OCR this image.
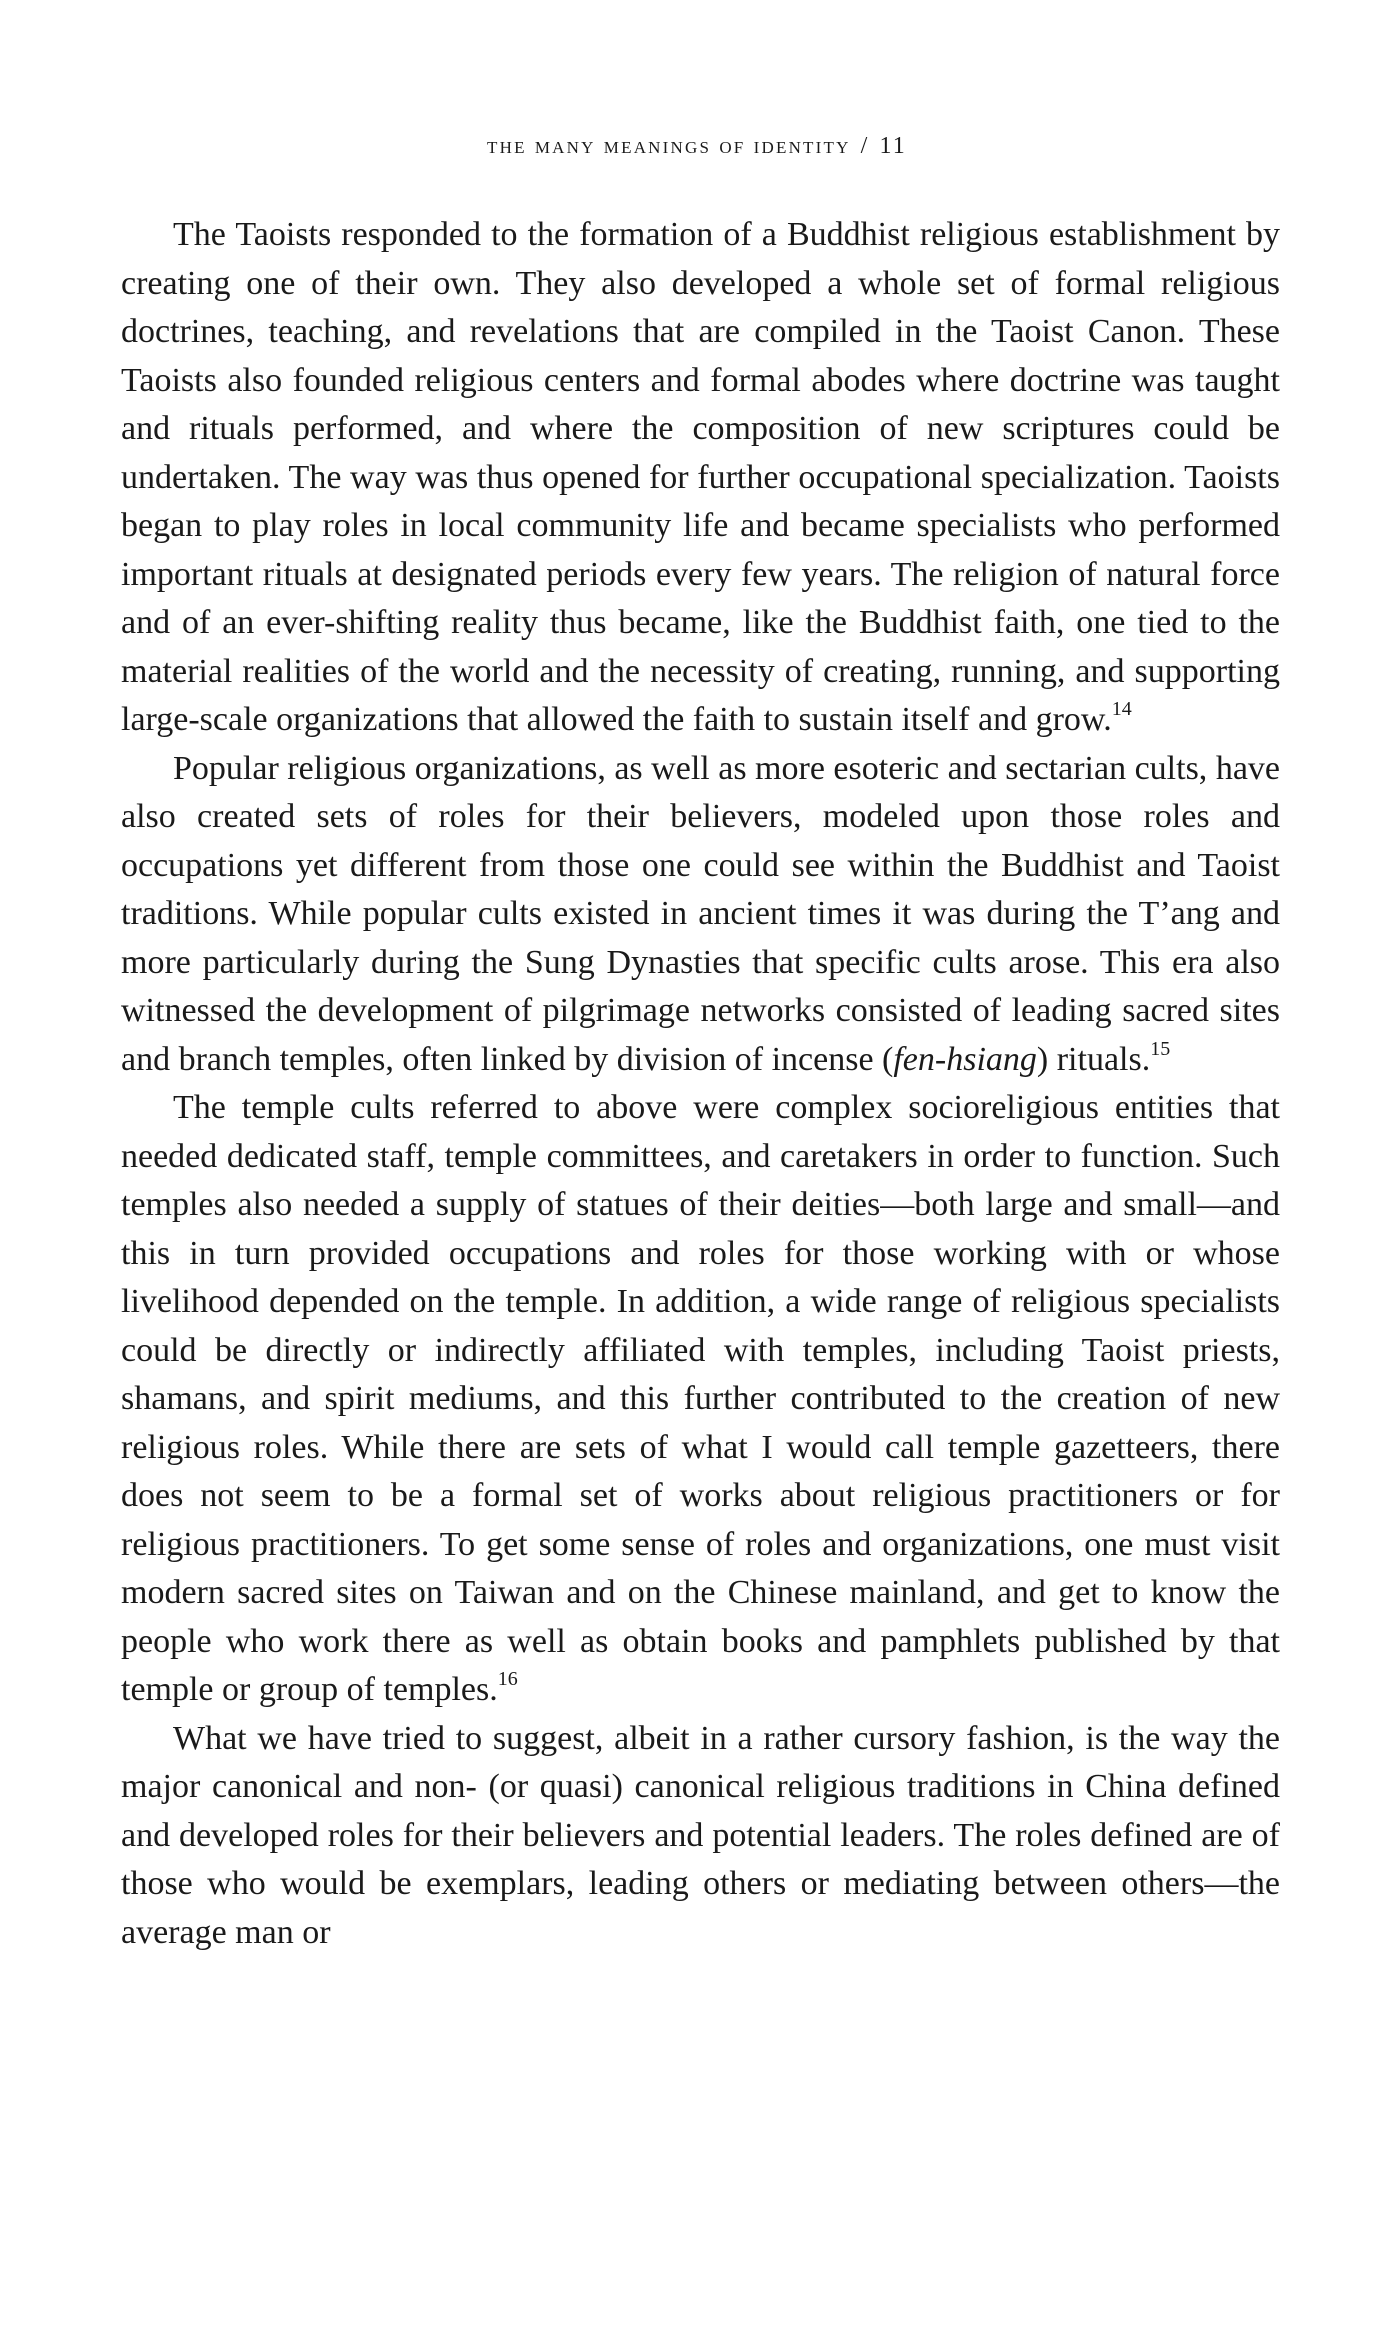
the many meanings of identity / 11

The Taoists responded to the formation of a Buddhist religious establishment by creating one of their own. They also developed a whole set of formal religious doctrines, teaching, and revelations that are compiled in the Taoist Canon. These Taoists also founded religious centers and formal abodes where doctrine was taught and rituals performed, and where the composition of new scriptures could be undertaken. The way was thus opened for further occupational specialization. Taoists began to play roles in local community life and became specialists who performed important rituals at designated periods every few years. The religion of natural force and of an ever-shifting reality thus became, like the Buddhist faith, one tied to the material realities of the world and the necessity of creating, running, and supporting large-scale organizations that allowed the faith to sustain itself and grow.$^{14}$

Popular religious organizations, as well as more esoteric and sectarian cults, have also created sets of roles for their believers, modeled upon those roles and occupations yet different from those one could see within the Buddhist and Taoist traditions. While popular cults existed in ancient times it was during the T’ang and more particularly during the Sung Dynasties that specific cults arose. This era also witnessed the development of pilgrimage networks consisted of leading sacred sites and branch temples, often linked by division of incense (fen-hsiang) rituals.$^{15}$

The temple cults referred to above were complex socioreligious entities that needed dedicated staff, temple committees, and caretakers in order to function. Such temples also needed a supply of statues of their deities—both large and small—and this in turn provided occupations and roles for those working with or whose livelihood depended on the temple. In addition, a wide range of religious specialists could be directly or indirectly affiliated with temples, including Taoist priests, shamans, and spirit mediums, and this further contributed to the creation of new religious roles. While there are sets of what I would call temple gazetteers, there does not seem to be a formal set of works about religious practitioners or for religious practitioners. To get some sense of roles and organizations, one must visit modern sacred sites on Taiwan and on the Chinese mainland, and get to know the people who work there as well as obtain books and pamphlets published by that temple or group of temples.$^{16}$

What we have tried to suggest, albeit in a rather cursory fashion, is the way the major canonical and non- (or quasi) canonical religious traditions in China defined and developed roles for their believers and potential leaders. The roles defined are of those who would be exemplars, leading others or mediating between others—the average man or
